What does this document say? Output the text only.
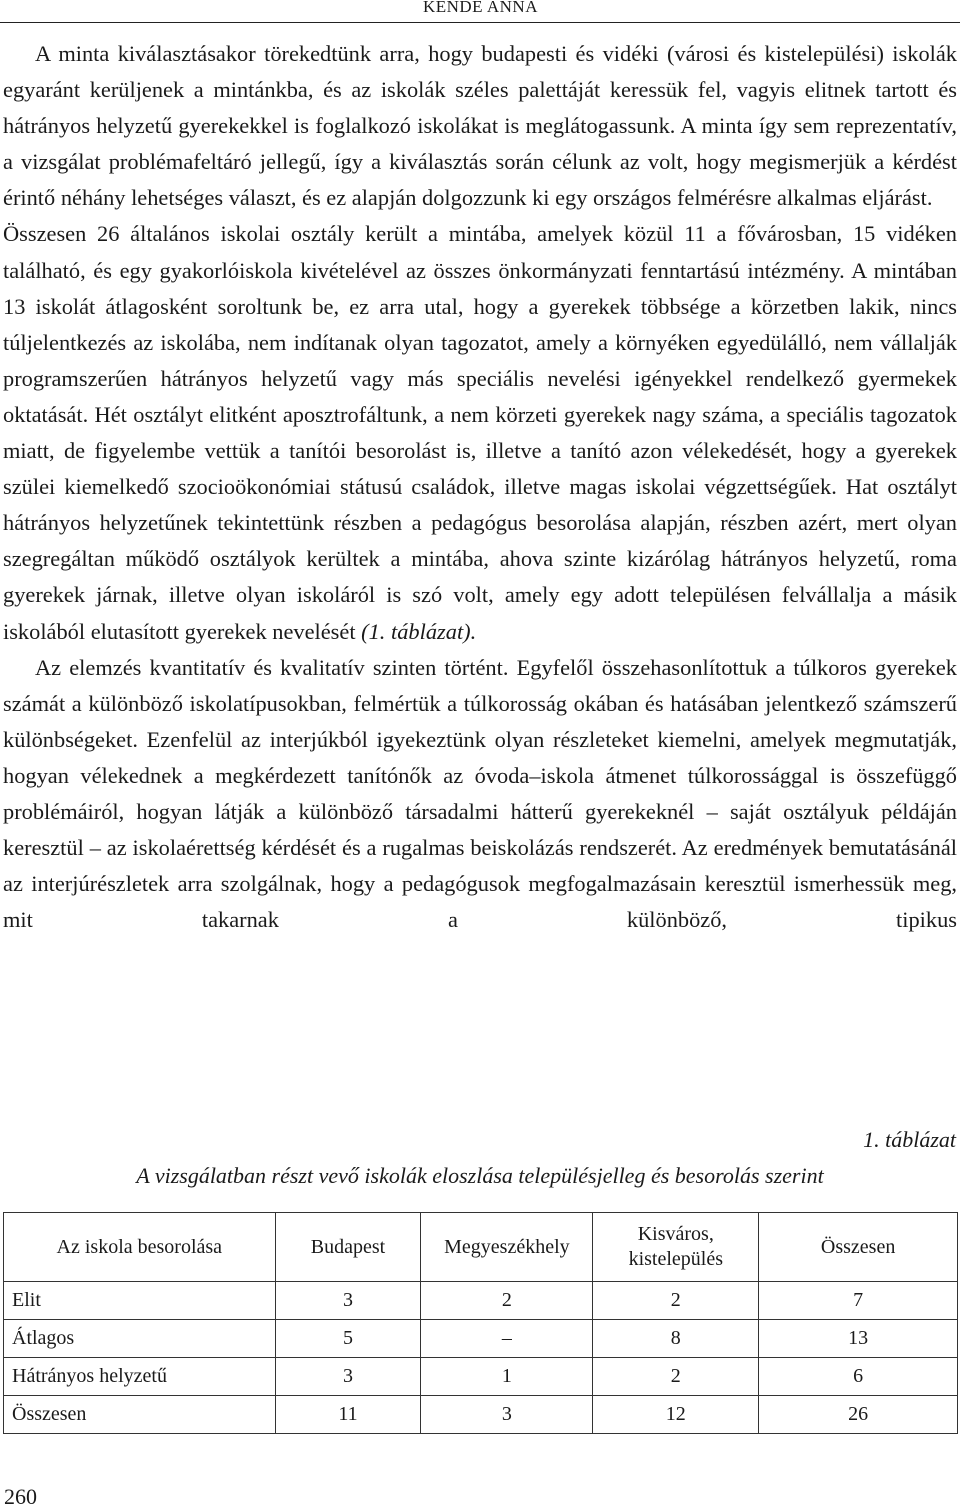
KENDE ANNA

A minta kiválasztásakor törekedtünk arra, hogy budapesti és vidéki (városi és kistelepülési) iskolák egyaránt kerüljenek a mintánkba, és az iskolák széles palettáját keressük fel, vagyis elitnek tartott és hátrányos helyzetű gyerekekkel is foglalkozó iskolákat is meglátogassunk. A minta így sem reprezentatív, a vizsgálat problémafeltáró jellegű, így a kiválasztás során célunk az volt, hogy megismerjük a kérdést érintő néhány lehetséges választ, és ez alapján dolgozzunk ki egy országos felmérésre alkalmas eljárást.
Összesen 26 általános iskolai osztály került a mintába, amelyek közül 11 a fővárosban, 15 vidéken található, és egy gyakorlóiskola kivételével az összes önkormányzati fenntartású intézmény. A mintában 13 iskolát átlagosként soroltunk be, ez arra utal, hogy a gyerekek többsége a körzetben lakik, nincs túljelentkezés az iskolába, nem indítanak olyan tagozatot, amely a környéken egyedülálló, nem vállalják programszerűen hátrányos helyzetű vagy más speciális nevelési igényekkel rendelkező gyermekek oktatását. Hét osztályt elitként aposztrofáltunk, a nem körzeti gyerekek nagy száma, a speciális tagozatok miatt, de figyelembe vettük a tanítói besorolást is, illetve a tanító azon vélekedését, hogy a gyerekek szülei kiemelkedő szocioökonómiai státusú családok, illetve magas iskolai végzettségűek. Hat osztályt hátrányos helyzetűnek tekintettünk részben a pedagógus besorolása alapján, részben azért, mert olyan szegregáltan működő osztályok kerültek a mintába, ahova szinte kizárólag hátrányos helyzetű, roma gyerekek járnak, illetve olyan iskoláról is szó volt, amely egy adott településen felvállalja a másik iskolából elutasított gyerekek nevelését (1. táblázat).

Az elemzés kvantitatív és kvalitatív szinten történt. Egyfelől összehasonlítottuk a túlkoros gyerekek számát a különböző iskolatípusokban, felmértük a túlkorosság okában és hatásában jelentkező számszerű különbségeket. Ezenfelül az interjúkból igyekeztünk olyan részleteket kiemelni, amelyek megmutatják, hogyan vélekednek a megkérdezett tanítónők az óvoda–iskola átmenet túlkorossággal is összefüggő problémáiról, hogyan látják a különböző társadalmi hátterű gyerekeknél – saját osztályuk példáján keresztül – az iskolaérettség kérdését és a rugalmas beiskolázás rendszerét. Az eredmények bemutatásánál az interjúrészletek arra szolgálnak, hogy a pedagógusok megfogalmazásain keresztül ismerhessük meg, mit takarnak a különböző, tipikus

1. táblázat
A vizsgálatban részt vevő iskolák eloszlása településjelleg és besorolás szerint
Az iskola besorolása	Budapest	Megyeszékhely	Kisváros, kistelepülés	Összesen
Elit	3	2	2	7
Átlagos	5	–	8	13
Hátrányos helyzetű	3	1	2	6
Összesen	11	3	12	26
260
